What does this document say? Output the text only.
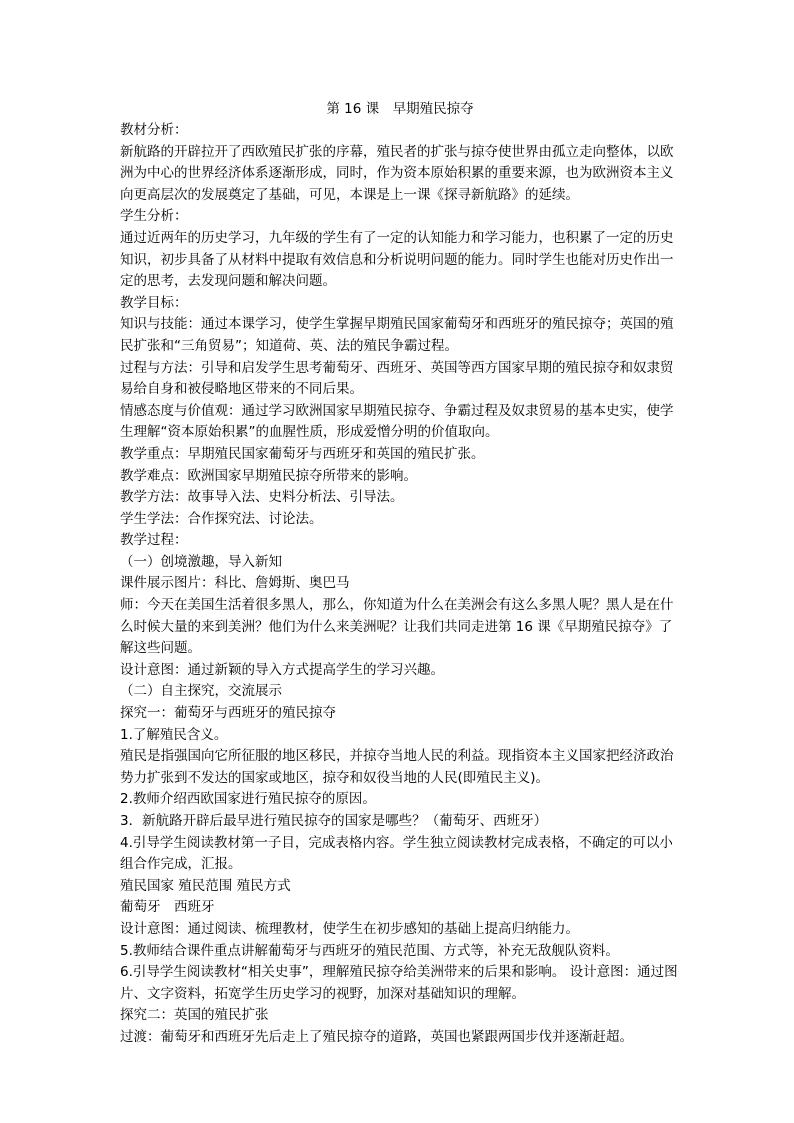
第 16 课　早期殖民掠夺

教材分析：

新航路的开辟拉开了西欧殖民扩张的序幕，殖民者的扩张与掠夺使世界由孤立走向整体，以欧洲为中心的世界经济体系逐渐形成，同时，作为资本原始积累的重要来源，也为欧洲资本主义向更高层次的发展奠定了基础，可见，本课是上一课《探寻新航路》的延续。

学生分析：

通过近两年的历史学习，九年级的学生有了一定的认知能力和学习能力，也积累了一定的历史知识，初步具备了从材料中提取有效信息和分析说明问题的能力。同时学生也能对历史作出一定的思考，去发现问题和解决问题。

教学目标：

知识与技能：通过本课学习，使学生掌握早期殖民国家葡萄牙和西班牙的殖民掠夺；英国的殖民扩张和“三角贸易”；知道荷、英、法的殖民争霸过程。

过程与方法：引导和启发学生思考葡萄牙、西班牙、英国等西方国家早期的殖民掠夺和奴隶贸易给自身和被侵略地区带来的不同后果。

情感态度与价值观：通过学习欧洲国家早期殖民掠夺、争霸过程及奴隶贸易的基本史实，使学生理解“资本原始积累”的血腥性质，形成爱憎分明的价值取向。

教学重点：早期殖民国家葡萄牙与西班牙和英国的殖民扩张。

教学难点：欧洲国家早期殖民掠夺所带来的影响。

教学方法：故事导入法、史料分析法、引导法。

学生学法：合作探究法、讨论法。

教学过程：

（一）创境激趣，导入新知

课件展示图片：科比、詹姆斯、奥巴马

师：今天在美国生活着很多黑人，那么，你知道为什么在美洲会有这么多黑人呢？黑人是在什么时候大量的来到美洲？他们为什么来美洲呢？让我们共同走进第 16 课《早期殖民掠夺》了解这些问题。

设计意图：通过新颖的导入方式提高学生的学习兴趣。

（二）自主探究，交流展示

探究一：葡萄牙与西班牙的殖民掠夺

1.了解殖民含义。

殖民是指强国向它所征服的地区移民，并掠夺当地人民的利益。现指资本主义国家把经济政治势力扩张到不发达的国家或地区，掠夺和奴役当地的人民(即殖民主义)。

2.教师介绍西欧国家进行殖民掠夺的原因。

3．新航路开辟后最早进行殖民掠夺的国家是哪些？（葡萄牙、西班牙）

4.引导学生阅读教材第一子目，完成表格内容。学生独立阅读教材完成表格，不确定的可以小组合作完成，汇报。

殖民国家 殖民范围 殖民方式

葡萄牙　西班牙

设计意图：通过阅读、梳理教材，使学生在初步感知的基础上提高归纳能力。

5.教师结合课件重点讲解葡萄牙与西班牙的殖民范围、方式等，补充无敌舰队资料。

6.引导学生阅读教材“相关史事”，理解殖民掠夺给美洲带来的后果和影响。 设计意图：通过图片、文字资料，拓宽学生历史学习的视野，加深对基础知识的理解。

探究二：英国的殖民扩张

过渡：葡萄牙和西班牙先后走上了殖民掠夺的道路，英国也紧跟两国步伐并逐渐赶超。
